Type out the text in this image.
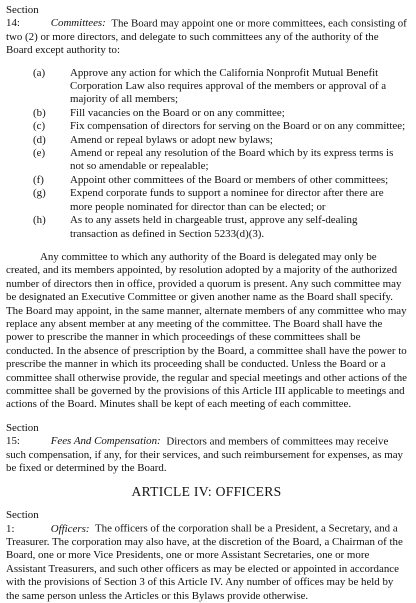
Section 14:	Committees: The Board may appoint one or more committees, each consisting of two (2) or more directors, and delegate to such committees any of the authority of the Board except authority to:

(a) Approve any action for which the California Nonprofit Mutual Benefit Corporation Law also requires approval of the members or approval of a majority of all members;
(b) Fill vacancies on the Board or on any committee;
(c) Fix compensation of directors for serving on the Board or on any committee;
(d) Amend or repeal bylaws or adopt new bylaws;
(e) Amend or repeal any resolution of the Board which by its express terms is not so amendable or repealable;
(f) Appoint other committees of the Board or members of other committees;
(g) Expend corporate funds to support a nominee for director after there are more people nominated for director than can be elected; or
(h) As to any assets held in chargeable trust, approve any self-dealing transaction as defined in Section 5233(d)(3).

Any committee to which any authority of the Board is delegated may only be created, and its members appointed, by resolution adopted by a majority of the authorized number of directors then in office, provided a quorum is present. Any such committee may be designated an Executive Committee or given another name as the Board shall specify. The Board may appoint, in the same manner, alternate members of any committee who may replace any absent member at any meeting of the committee. The Board shall have the power to prescribe the manner in which proceedings of these committees shall be conducted. In the absence of prescription by the Board, a committee shall have the power to prescribe the manner in which its proceeding shall be conducted. Unless the Board or a committee shall otherwise provide, the regular and special meetings and other actions of the committee shall be governed by the provisions of this Article III applicable to meetings and actions of the Board. Minutes shall be kept of each meeting of each committee.

Section 15:	Fees And Compensation: Directors and members of committees may receive such compensation, if any, for their services, and such reimbursement for expenses, as may be fixed or determined by the Board.

ARTICLE IV: OFFICERS

Section 1:	Officers: The officers of the corporation shall be a President, a Secretary, and a Treasurer. The corporation may also have, at the discretion of the Board, a Chairman of the Board, one or more Vice Presidents, one or more Assistant Secretaries, one or more Assistant Treasurers, and such other officers as may be elected or appointed in accordance with the provisions of Section 3 of this Article IV. Any number of offices may be held by the same person unless the Articles or this Bylaws provide otherwise.
